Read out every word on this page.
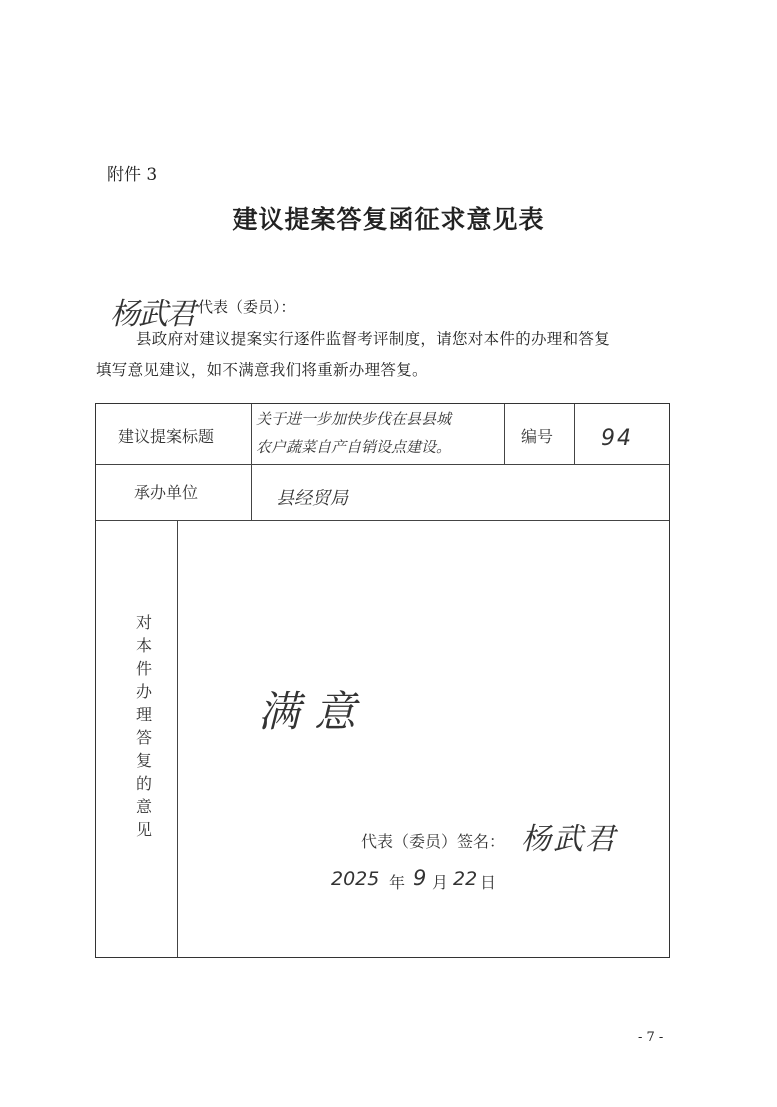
附件 3
建议提案答复函征求意见表
杨武君 代表（委员）：
县政府对建议提案实行逐件监督考评制度，请您对本件的办理和答复
填写意见建议，如不满意我们将重新办理答复。
建议提案标题
关于进一步加快步伐在县县城
农户蔬菜自产自销设点建设。
编号 94
承办单位	县经贸局
对本件办理答复的意见
满意
代表（委员）签名： 杨武君
2025 年 9 月 22 日
- 7 -
